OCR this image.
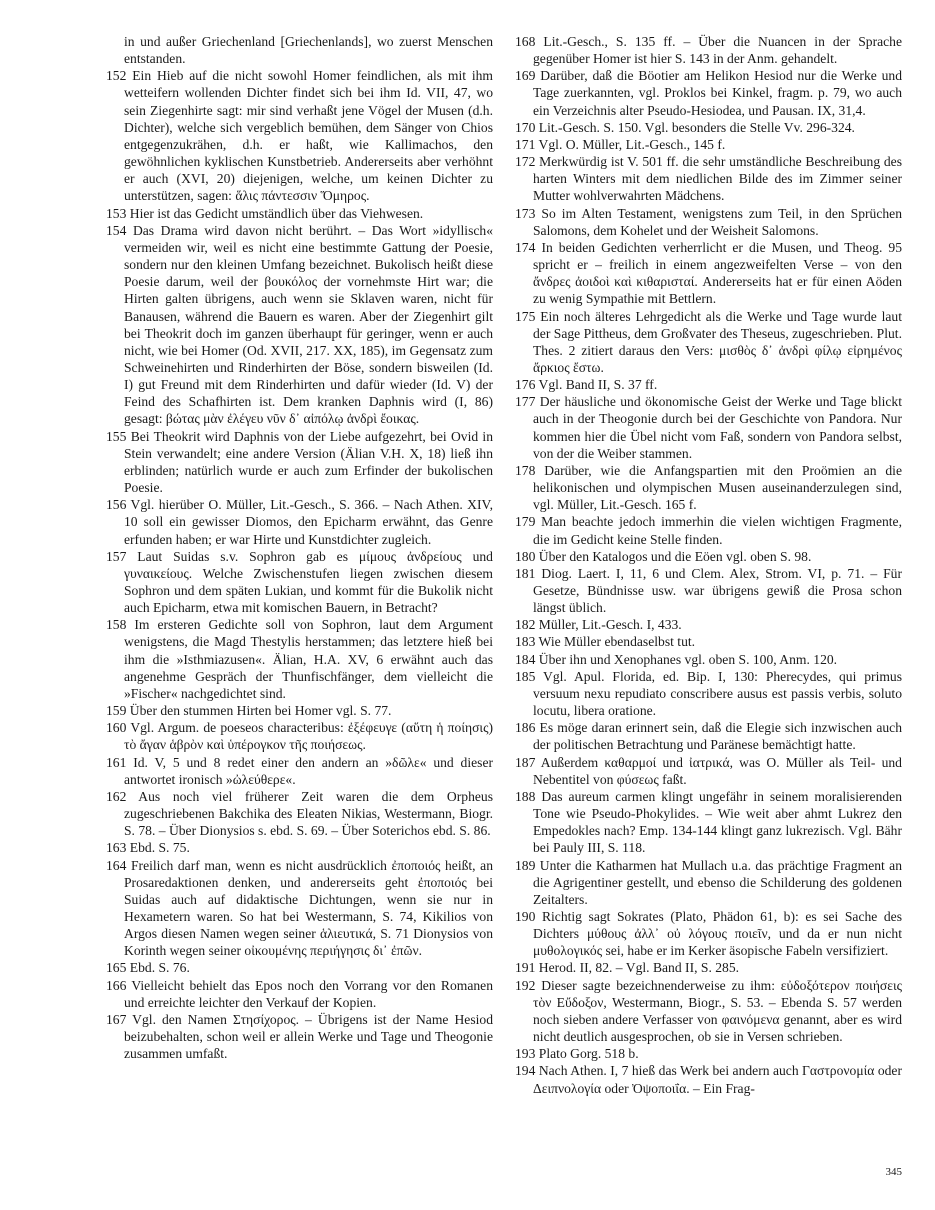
in und außer Griechenland [Griechenlands], wo zuerst Menschen entstanden.

152 Ein Hieb auf die nicht sowohl Homer feindlichen, als mit ihm wetteifern wollenden Dichter findet sich bei ihm Id. VII, 47, wo sein Ziegenhirte sagt: mir sind verhaßt jene Vögel der Musen (d.h. Dichter), welche sich vergeblich bemühen, dem Sänger von Chios entgegenzukrähen, d.h. er haßt, wie Kallimachos, den gewöhnlichen kyklischen Kunstbetrieb. Andererseits aber verhöhnt er auch (XVI, 20) diejenigen, welche, um keinen Dichter zu unterstützen, sagen: ἅλις πάντεσσιν Ὅμηρος.

153 Hier ist das Gedicht umständlich über das Viehwesen.

154 Das Drama wird davon nicht berührt. – Das Wort »idyllisch« vermeiden wir, weil es nicht eine bestimmte Gattung der Poesie, sondern nur den kleinen Umfang bezeichnet. Bukolisch heißt diese Poesie darum, weil der βουκόλος der vornehmste Hirt war; die Hirten galten übrigens, auch wenn sie Sklaven waren, nicht für Banausen, während die Bauern es waren. Aber der Ziegenhirt gilt bei Theokrit doch im ganzen überhaupt für geringer, wenn er auch nicht, wie bei Homer (Od. XVII, 217. XX, 185), im Gegensatz zum Schweinehirten und Rinderhirten der Böse, sondern bisweilen (Id. I) gut Freund mit dem Rinderhirten und dafür wieder (Id. V) der Feind des Schafhirten ist. Dem kranken Daphnis wird (I, 86) gesagt: βώτας μὰν ἐλέγευ νῦν δ᾽ αἰπόλῳ ἀνδρὶ ἔοικας.

155 Bei Theokrit wird Daphnis von der Liebe aufgezehrt, bei Ovid in Stein verwandelt; eine andere Version (Älian V.H. X, 18) ließ ihn erblinden; natürlich wurde er auch zum Erfinder der bukolischen Poesie.

156 Vgl. hierüber O. Müller, Lit.-Gesch., S. 366. – Nach Athen. XIV, 10 soll ein gewisser Diomos, den Epicharm erwähnt, das Genre erfunden haben; er war Hirte und Kunstdichter zugleich.

157 Laut Suidas s.v. Sophron gab es μίμους ἀνδρείους und γυναικείους. Welche Zwischenstufen liegen zwischen diesem Sophron und dem späten Lukian, und kommt für die Bukolik nicht auch Epicharm, etwa mit komischen Bauern, in Betracht?

158 Im ersteren Gedichte soll von Sophron, laut dem Argument wenigstens, die Magd Thestylis herstammen; das letztere hieß bei ihm die »Isthmiazusen«. Älian, H.A. XV, 6 erwähnt auch das angenehme Gespräch der Thunfischfänger, dem vielleicht die »Fischer« nachgedichtet sind.

159 Über den stummen Hirten bei Homer vgl. S. 77.

160 Vgl. Argum. de poeseos characteribus: ἐξέφευγε (αὕτη ἡ ποίησις) τὸ ἄγαν ἁβρὸν καὶ ὑπέρογκον τῆς ποιήσεως.

161 Id. V, 5 und 8 redet einer den andern an »δῶλε« und dieser antwortet ironisch »ὠλεύθερε«.

162 Aus noch viel früherer Zeit waren die dem Orpheus zugeschriebenen Bakchika des Eleaten Nikias, Westermann, Biogr. S. 78. – Über Dionysios s. ebd. S. 69. – Über Soterichos ebd. S. 86.

163 Ebd. S. 75.

164 Freilich darf man, wenn es nicht ausdrücklich ἐποποιός heißt, an Prosaredaktionen denken, und andererseits geht ἐποποιός bei Suidas auch auf didaktische Dichtungen, wenn sie nur in Hexametern waren. So hat bei Westermann, S. 74, Kikilios von Argos diesen Namen wegen seiner ἁλιευτικά, S. 71 Dionysios von Korinth wegen seiner οἰκουμένης περιήγησις δι᾽ ἐπῶν.

165 Ebd. S. 76.

166 Vielleicht behielt das Epos noch den Vorrang vor den Romanen und erreichte leichter den Verkauf der Kopien.

167 Vgl. den Namen Στησίχορος. – Übrigens ist der Name Hesiod beizubehalten, schon weil er allein Werke und Tage und Theogonie zusammen umfaßt.

168 Lit.-Gesch., S. 135 ff. – Über die Nuancen in der Sprache gegenüber Homer ist hier S. 143 in der Anm. gehandelt.

169 Darüber, daß die Böotier am Helikon Hesiod nur die Werke und Tage zuerkannten, vgl. Proklos bei Kinkel, fragm. p. 79, wo auch ein Verzeichnis alter Pseudo-Hesiodea, und Pausan. IX, 31,4.

170 Lit.-Gesch. S. 150. Vgl. besonders die Stelle Vv. 296-324.

171 Vgl. O. Müller, Lit.-Gesch., 145 f.

172 Merkwürdig ist V. 501 ff. die sehr umständliche Beschreibung des harten Winters mit dem niedlichen Bilde des im Zimmer seiner Mutter wohlverwahrten Mädchens.

173 So im Alten Testament, wenigstens zum Teil, in den Sprüchen Salomons, dem Kohelet und der Weisheit Salomons.

174 In beiden Gedichten verherrlicht er die Musen, und Theog. 95 spricht er – freilich in einem angezweifelten Verse – von den ἄνδρες ἀοιδοὶ καὶ κιθαρισταί. Andererseits hat er für einen Aöden zu wenig Sympathie mit Bettlern.

175 Ein noch älteres Lehrgedicht als die Werke und Tage wurde laut der Sage Pittheus, dem Großvater des Theseus, zugeschrieben. Plut. Thes. 2 zitiert daraus den Vers: μισθὸς δ᾽ ἀνδρὶ φίλῳ εἰρημένος ἄρκιος ἔστω.

176 Vgl. Band II, S. 37 ff.

177 Der häusliche und ökonomische Geist der Werke und Tage blickt auch in der Theogonie durch bei der Geschichte von Pandora. Nur kommen hier die Übel nicht vom Faß, sondern von Pandora selbst, von der die Weiber stammen.

178 Darüber, wie die Anfangspartien mit den Proömien an die helikonischen und olympischen Musen auseinanderzulegen sind, vgl. Müller, Lit.-Gesch. 165 f.

179 Man beachte jedoch immerhin die vielen wichtigen Fragmente, die im Gedicht keine Stelle finden.

180 Über den Katalogos und die Eöen vgl. oben S. 98.

181 Diog. Laert. I, 11, 6 und Clem. Alex, Strom. VI, p. 71. – Für Gesetze, Bündnisse usw. war übrigens gewiß die Prosa schon längst üblich.

182 Müller, Lit.-Gesch. I, 433.

183 Wie Müller ebendaselbst tut.

184 Über ihn und Xenophanes vgl. oben S. 100, Anm. 120.

185 Vgl. Apul. Florida, ed. Bip. I, 130: Pherecydes, qui primus versuum nexu repudiato conscribere ausus est passis verbis, soluto locutu, libera oratione.

186 Es möge daran erinnert sein, daß die Elegie sich inzwischen auch der politischen Betrachtung und Paränese bemächtigt hatte.

187 Außerdem καθαρμοί und ἰατρικά, was O. Müller als Teil- und Nebentitel von φύσεως faßt.

188 Das aureum carmen klingt ungefähr in seinem moralisierenden Tone wie Pseudo-Phokylides. – Wie weit aber ahmt Lukrez den Empedokles nach? Emp. 134-144 klingt ganz lukrezisch. Vgl. Bähr bei Pauly III, S. 118.

189 Unter die Katharmen hat Mullach u.a. das prächtige Fragment an die Agrigentiner gestellt, und ebenso die Schilderung des goldenen Zeitalters.

190 Richtig sagt Sokrates (Plato, Phädon 61, b): es sei Sache des Dichters μύθους ἀλλ᾽ οὐ λόγους ποιεῖν, und da er nun nicht μυθολογικός sei, habe er im Kerker äsopische Fabeln versifiziert.

191 Herod. II, 82. – Vgl. Band II, S. 285.

192 Dieser sagte bezeichnenderweise zu ihm: εὐδοξότερον ποιήσεις τὸν Εὔδοξον, Westermann, Biogr., S. 53. – Ebenda S. 57 werden noch sieben andere Verfasser von φαινόμενα genannt, aber es wird nicht deutlich ausgesprochen, ob sie in Versen schrieben.

193 Plato Gorg. 518 b.

194 Nach Athen. I, 7 hieß das Werk bei andern auch Γαστρονομία oder Δειπνολογία oder Ὀψοποιΐα. – Ein Frag-

345
